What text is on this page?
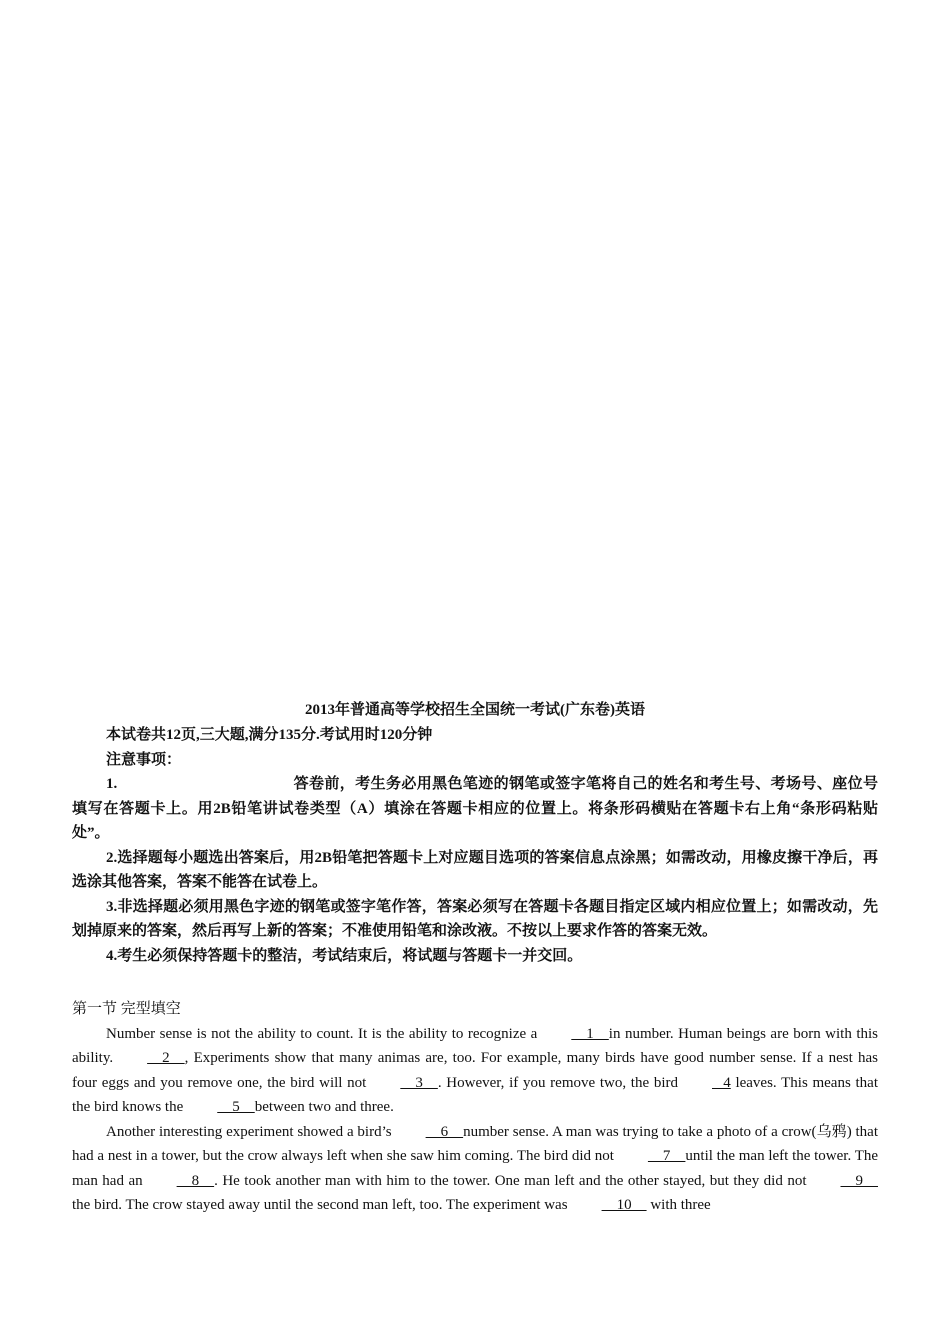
2013年普通高等学校招生全国统一考试(广东卷)英语

本试卷共12页,三大题,满分135分.考试用时120分钟

注意事项：

1.	答卷前，考生务必用黑色笔迹的钢笔或签字笔将自己的姓名和考生号、考场号、座位号填写在答题卡上。用2B铅笔讲试卷类型（A）填涂在答题卡相应的位置上。将条形码横贴在答题卡右上角“条形码粘贴处”。

2.选择题每小题选出答案后，用2B铅笔把答题卡上对应题目选项的答案信息点涂黑；如需改动，用橡皮擦干净后，再选涂其他答案，答案不能答在试卷上。

3.非选择题必须用黑色字迹的钢笔或签字笔作答，答案必须写在答题卡各题目指定区域内相应位置上；如需改动，先划掉原来的答案，然后再写上新的答案；不准使用铅笔和涂改液。不按以上要求作答的答案无效。

4.考生必须保持答题卡的整洁，考试结束后，将试题与答题卡一并交回。

第一节 完型填空

Number sense is not the ability to count. It is the ability to recognize a    1    in number. Human beings are born with this ability.    2    , Experiments show that many animas are, too. For example, many birds have good number sense. If a nest has four eggs and you remove one, the bird will not    3    . However, if you remove two, the bird   4 leaves. This means that the bird knows the    5    between two and three.

Another interesting experiment showed a bird’s    6    number sense. A man was trying to take a photo of a crow(乌鸦) that had a nest in a tower, but the crow always left when she saw him coming. The bird did not    7    until the man left the tower. The man had an    8    . He took another man with him to the tower. One man left and the other stayed, but they did not    9     the bird. The crow stayed away until the second man left, too. The experiment was    10     with three
